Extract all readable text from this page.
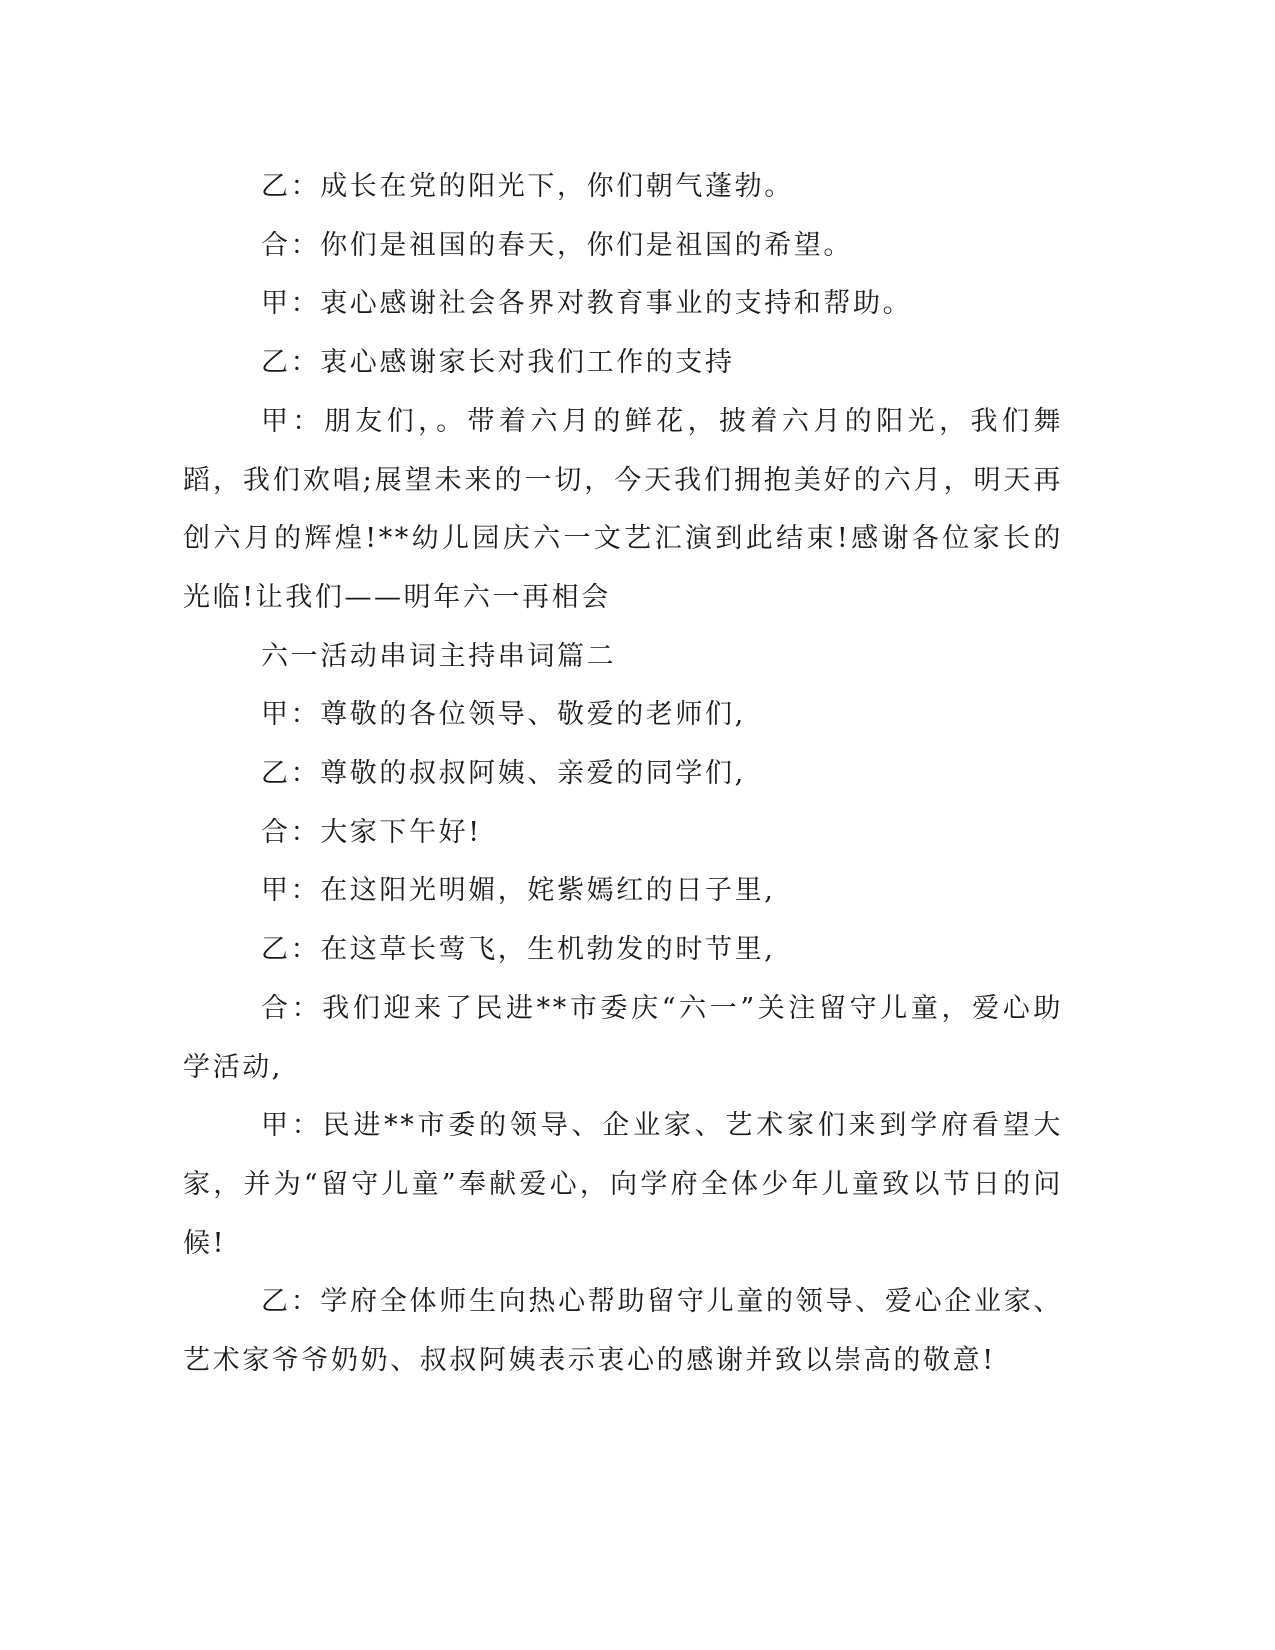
乙：成长在党的阳光下，你们朝气蓬勃。

合：你们是祖国的春天，你们是祖国的希望。

甲：衷心感谢社会各界对教育事业的支持和帮助。

乙：衷心感谢家长对我们工作的支持

甲：朋友们，。带着六月的鲜花，披着六月的阳光，我们舞蹈，我们欢唱;展望未来的一切，今天我们拥抱美好的六月，明天再创六月的辉煌!**幼儿园庆六一文艺汇演到此结束!感谢各位家长的光临!让我们——明年六一再相会

六一活动串词主持串词篇二

甲：尊敬的各位领导、敬爱的老师们,

乙：尊敬的叔叔阿姨、亲爱的同学们,

合：大家下午好!

甲：在这阳光明媚，姹紫嫣红的日子里,

乙：在这草长莺飞，生机勃发的时节里,

合：我们迎来了民进**市委庆“六一”关注留守儿童，爱心助学活动,

甲：民进**市委的领导、企业家、艺术家们来到学府看望大家，并为“留守儿童”奉献爱心，向学府全体少年儿童致以节日的问候!

乙：学府全体师生向热心帮助留守儿童的领导、爱心企业家、艺术家爷爷奶奶、叔叔阿姨表示衷心的感谢并致以崇高的敬意!
